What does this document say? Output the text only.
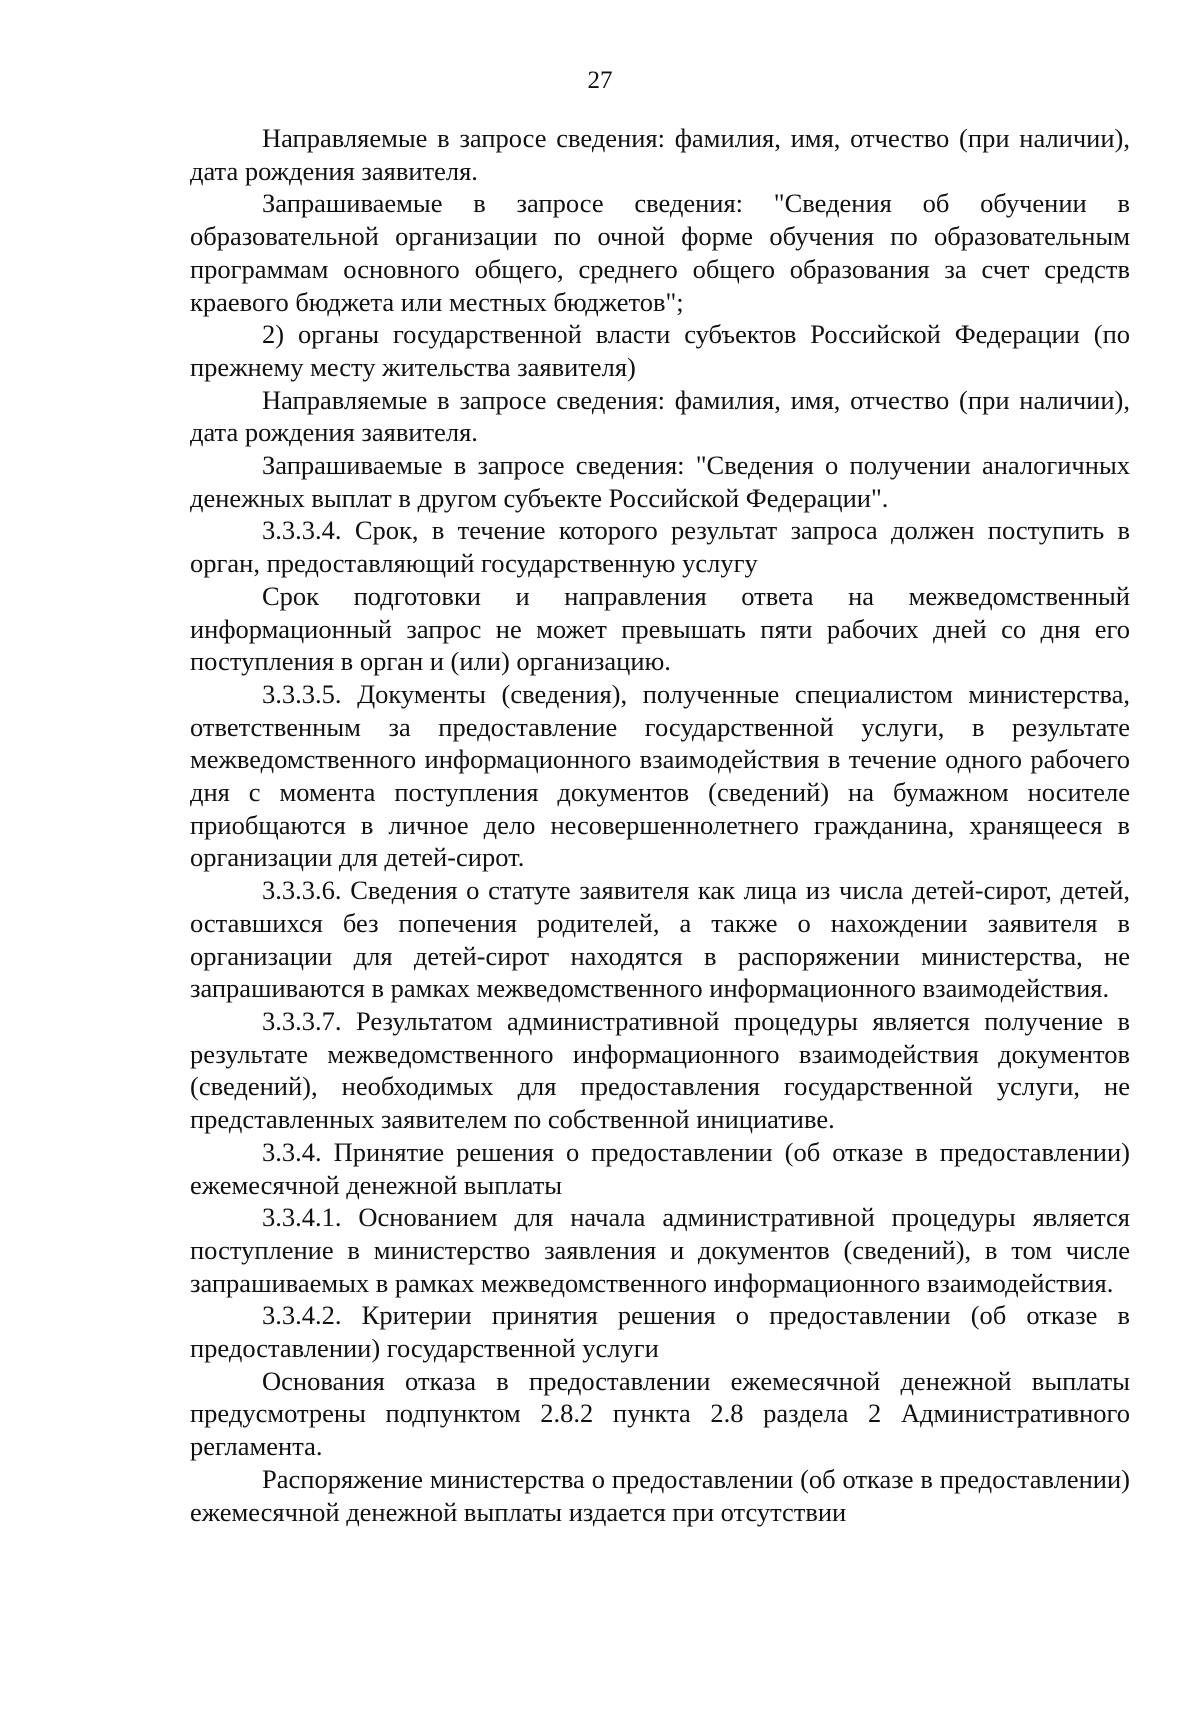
27

Направляемые в запросе сведения: фамилия, имя, отчество (при наличии), дата рождения заявителя.

Запрашиваемые в запросе сведения: "Сведения об обучении в образовательной организации по очной форме обучения по образовательным программам основного общего, среднего общего образования за счет средств краевого бюджета или местных бюджетов";

2) органы государственной власти субъектов Российской Федерации (по прежнему месту жительства заявителя)

Направляемые в запросе сведения: фамилия, имя, отчество (при наличии), дата рождения заявителя.

Запрашиваемые в запросе сведения: "Сведения о получении аналогичных денежных выплат в другом субъекте Российской Федерации".

3.3.3.4. Срок, в течение которого результат запроса должен поступить в орган, предоставляющий государственную услугу

Срок подготовки и направления ответа на межведомственный информационный запрос не может превышать пяти рабочих дней со дня его поступления в орган и (или) организацию.

3.3.3.5. Документы (сведения), полученные специалистом министерства, ответственным за предоставление государственной услуги, в результате межведомственного информационного взаимодействия в течение одного рабочего дня с момента поступления документов (сведений) на бумажном носителе приобщаются в личное дело несовершеннолетнего гражданина, хранящееся в организации для детей-сирот.

3.3.3.6. Сведения о статуте заявителя как лица из числа детей-сирот, детей, оставшихся без попечения родителей, а также о нахождении заявителя в организации для детей-сирот находятся в распоряжении министерства, не запрашиваются в рамках межведомственного информационного взаимодействия.

3.3.3.7. Результатом административной процедуры является получение в результате межведомственного информационного взаимодействия документов (сведений), необходимых для предоставления государственной услуги, не представленных заявителем по собственной инициативе.

3.3.4. Принятие решения о предоставлении (об отказе в предоставлении) ежемесячной денежной выплаты

3.3.4.1. Основанием для начала административной процедуры является поступление в министерство заявления и документов (сведений), в том числе запрашиваемых в рамках межведомственного информационного взаимодействия.

3.3.4.2. Критерии принятия решения о предоставлении (об отказе в предоставлении) государственной услуги

Основания отказа в предоставлении ежемесячной денежной выплаты предусмотрены подпунктом 2.8.2 пункта 2.8 раздела 2 Административного регламента.

Распоряжение министерства о предоставлении (об отказе в предоставлении) ежемесячной денежной выплаты издается при отсутствии
